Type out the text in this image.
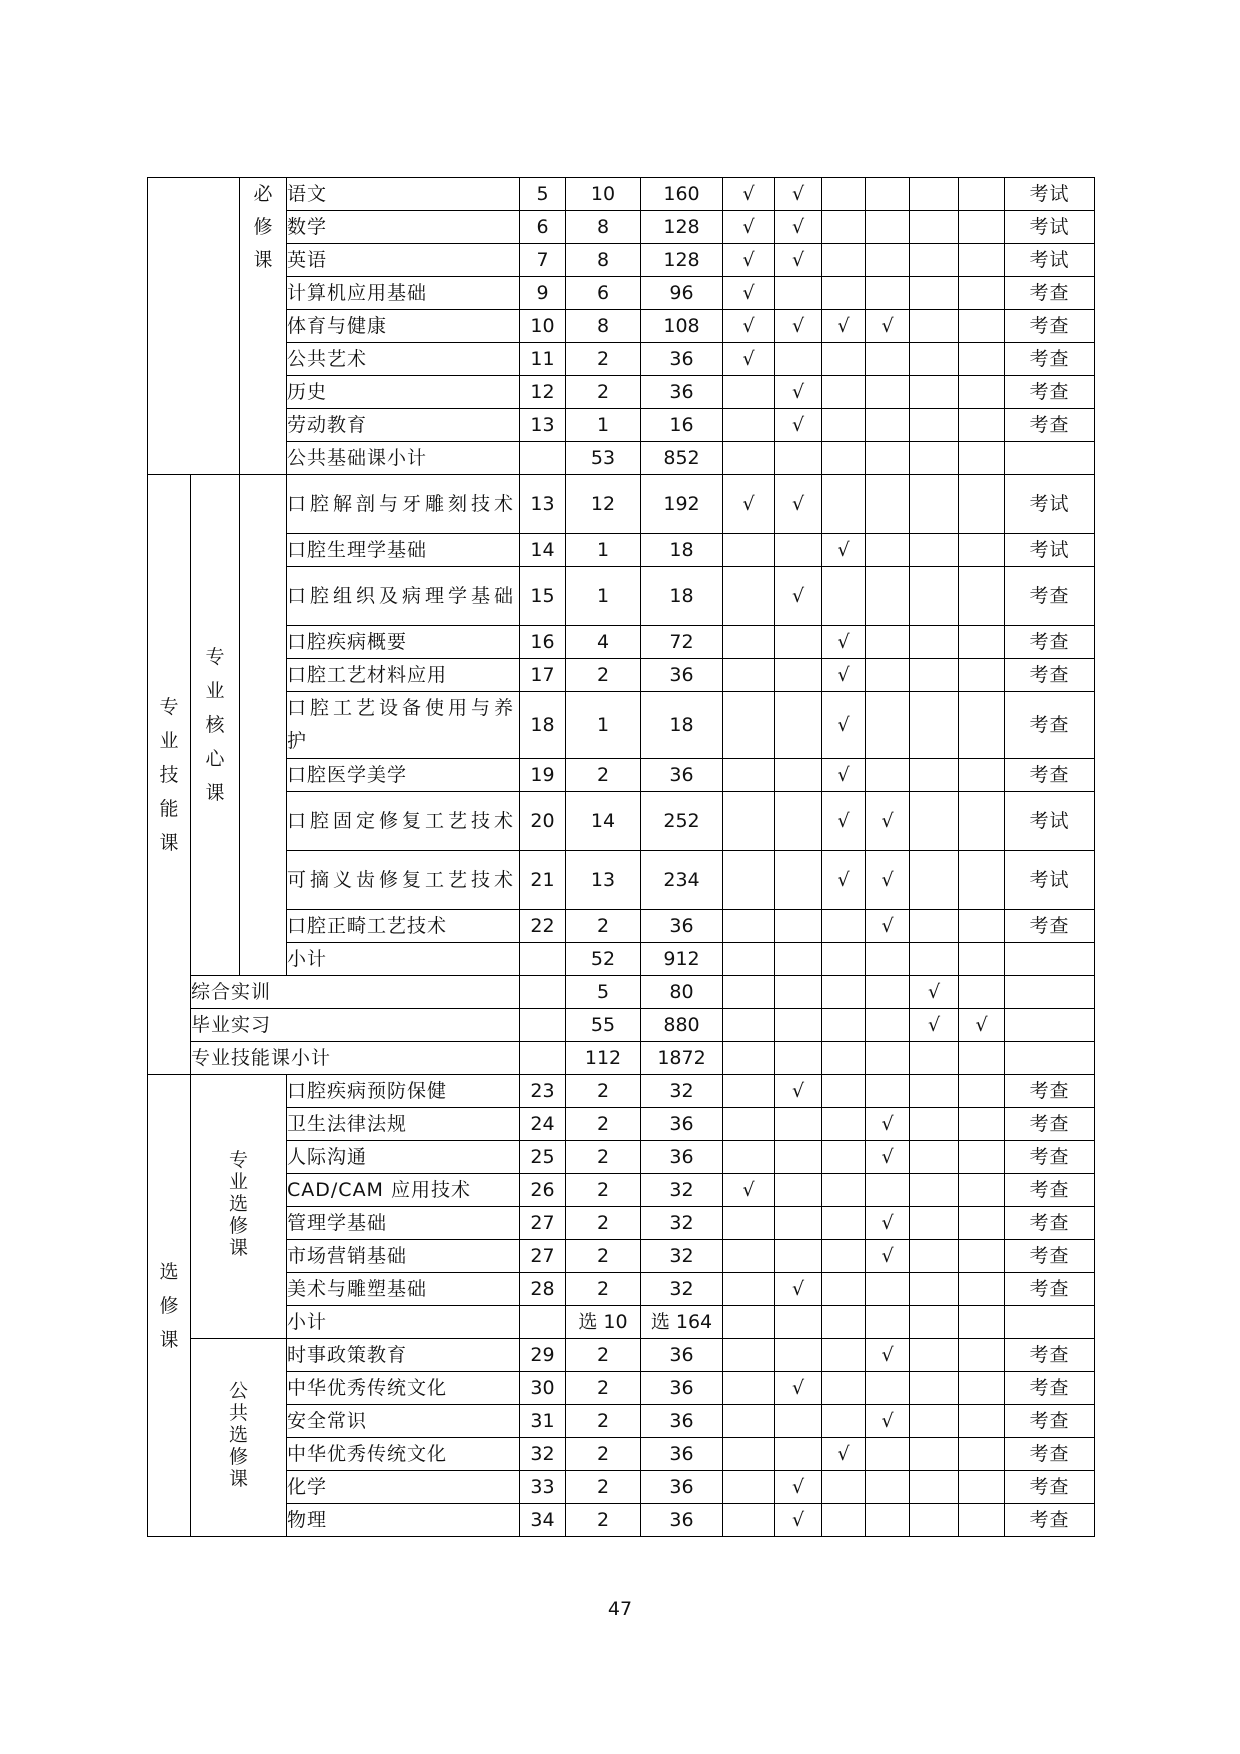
		必修课	语文	5	10	160	√	√					考试
			数学	6	8	128	√	√					考试
			英语	7	8	128	√	√					考试
			计算机应用基础	9	6	96	√						考查
			体育与健康	10	8	108	√	√	√	√			考查
			公共艺术	11	2	36	√						考查
			历史	12	2	36		√					考查
			劳动教育	13	1	16		√					考查
			公共基础课小计		53	852							
专业技能课	专业核心课		口腔解剖与牙雕刻技术	13	12	192	√	√					考试
			口腔生理学基础	14	1	18			√				考试
			口腔组织及病理学基础	15	1	18		√					考查
			口腔疾病概要	16	4	72			√				考查
			口腔工艺材料应用	17	2	36			√				考查
			口腔工艺设备使用与养护	18	1	18			√				考查
			口腔医学美学	19	2	36			√				考查
			口腔固定修复工艺技术	20	14	252			√	√			考试
			可摘义齿修复工艺技术	21	13	234			√	√			考试
			口腔正畸工艺技术	22	2	36				√			考查
			小计		52	912							
	综合实训				5	80					√		
	毕业实习				55	880					√	√	
	专业技能课小计				112	1872							
选修课	专业选修课		口腔疾病预防保健	23	2	32		√					考查
			卫生法律法规	24	2	36				√			考查
			人际沟通	25	2	36				√			考查
			CAD/CAM 应用技术	26	2	32	√						考查
			管理学基础	27	2	32				√			考查
			市场营销基础	27	2	32				√			考查
			美术与雕塑基础	28	2	32		√					考查
			小计		选 10	选 164							
	公共选修课		时事政策教育	29	2	36				√			考查
			中华优秀传统文化	30	2	36		√					考查
			安全常识	31	2	36				√			考查
			中华优秀传统文化	32	2	36			√				考查
			化学	33	2	36		√					考查
			物理	34	2	36		√					考查
47
